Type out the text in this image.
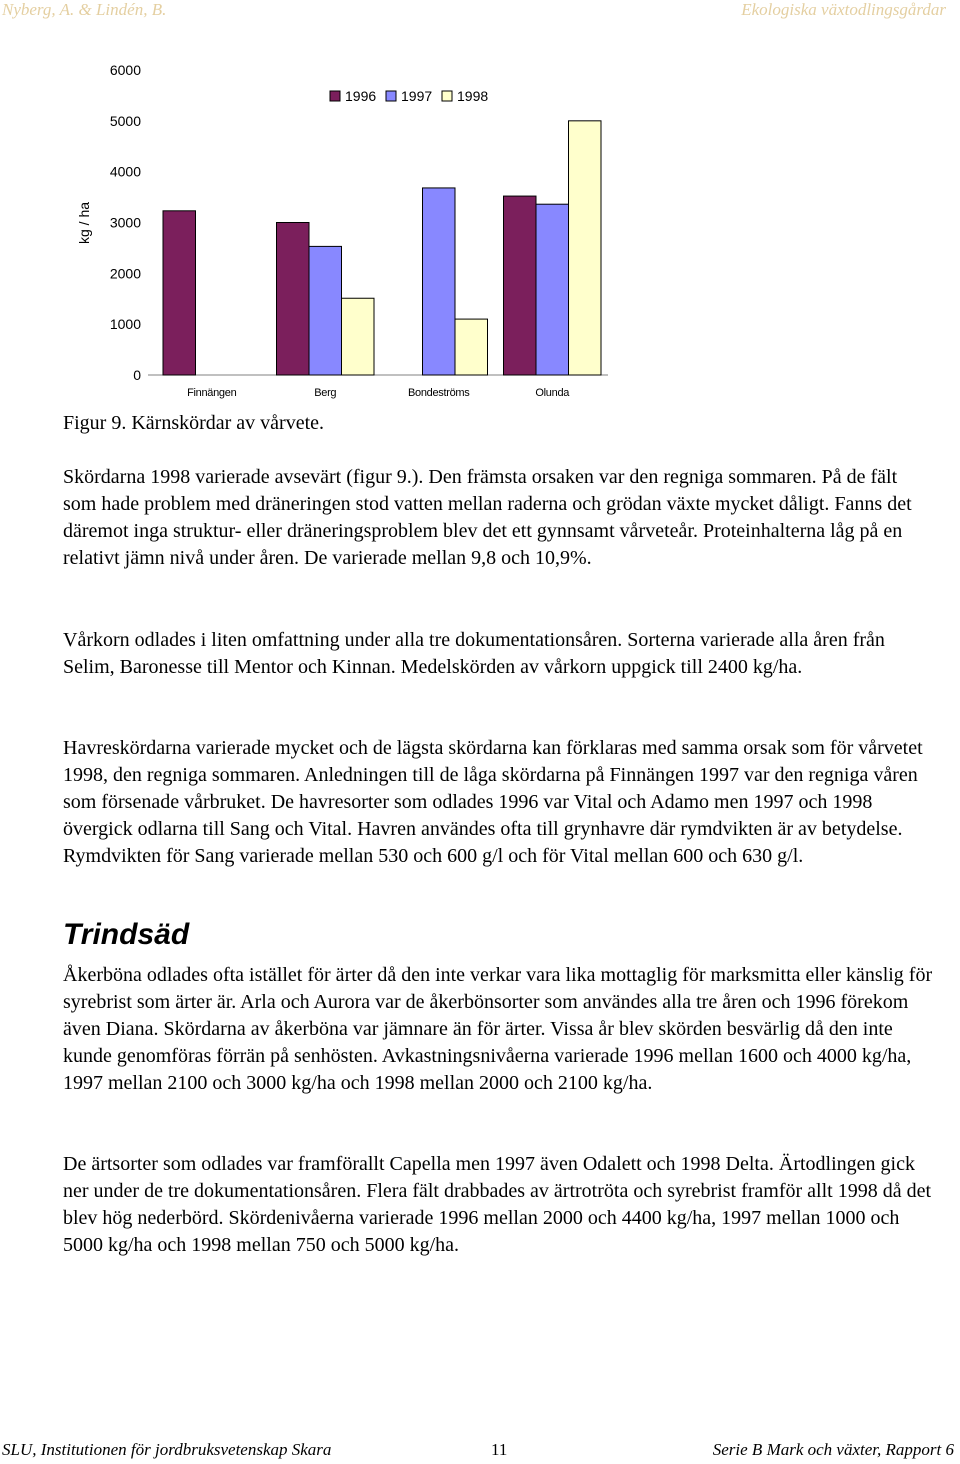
Nyberg, A. & Lindén, B.	Ekologiska växtodlingsgårdar
0
1000
2000
3000
4000
5000
6000
kg / ha
Finnängen	Berg	Bondeströms	Olunda
1996 1997 1998
Figur 9. Kärnskördar av vårvete.

Skördarna 1998 varierade avsevärt (figur 9.). Den främsta orsaken var den regniga sommaren. På de fält som hade problem med dräneringen stod vatten mellan raderna och grödan växte mycket dåligt. Fanns det däremot inga struktur- eller dräneringsproblem blev det ett gynnsamt vårveteår. Proteinhalterna låg på en relativt jämn nivå under åren. De varierade mellan 9,8 och 10,9%.

Vårkorn odlades i liten omfattning under alla tre dokumentationsåren. Sorterna varierade alla åren från Selim, Baronesse till Mentor och Kinnan. Medelskörden av vårkorn uppgick till 2400 kg/ha.

Havreskördarna varierade mycket och de lägsta skördarna kan förklaras med samma orsak som för vårvetet 1998, den regniga sommaren. Anledningen till de låga skördarna på Finnängen 1997 var den regniga våren som försenade vårbruket. De havresorter som odlades 1996 var Vital och Adamo men 1997 och 1998 övergick odlarna till Sang och Vital. Havren användes ofta till grynhavre där rymdvikten är av betydelse. Rymdvikten för Sang varierade mellan 530 och 600 g/l och för Vital mellan 600 och 630 g/l.

Trindsäd

Åkerböna odlades ofta istället för ärter då den inte verkar vara lika mottaglig för marksmitta eller känslig för syrebrist som ärter är. Arla och Aurora var de åkerbönsorter som användes alla tre åren och 1996 förekom även Diana. Skördarna av åkerböna var jämnare än för ärter. Vissa år blev skörden besvärlig då den inte kunde genomföras förrän på senhösten. Avkastningsnivåerna varierade 1996 mellan 1600 och 4000 kg/ha, 1997 mellan 2100 och 3000 kg/ha och 1998 mellan 2000 och 2100 kg/ha.

De ärtsorter som odlades var framförallt Capella men 1997 även Odalett och 1998 Delta. Ärtodlingen gick ner under de tre dokumentationsåren. Flera fält drabbades av ärtrotröta och syrebrist framför allt 1998 då det blev hög nederbörd. Skördenivåerna varierade 1996 mellan 2000 och 4400 kg/ha, 1997 mellan 1000 och 5000 kg/ha och 1998 mellan 750 och 5000 kg/ha.

SLU, Institutionen för jordbruksvetenskap Skara	11	Serie B Mark och växter, Rapport 6
